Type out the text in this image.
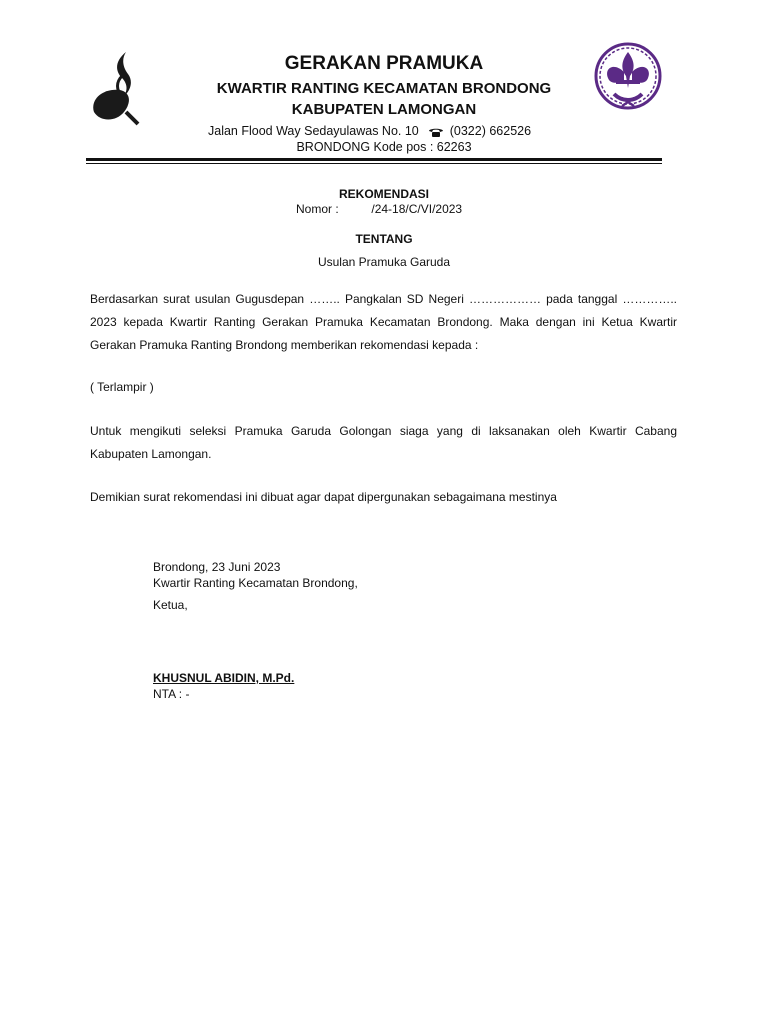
GERAKAN PRAMUKA
KWARTIR RANTING KECAMATAN BRONDONG
KABUPATEN LAMONGAN
Jalan Flood Way Sedayulawas No. 10 (0322) 662526
BRONDONG Kode pos : 62263
REKOMENDASI
Nomor :	/24-18/C/VI/2023
TENTANG
Usulan Pramuka Garuda
Berdasarkan surat usulan Gugusdepan …….. Pangkalan SD Negeri ……………… pada tanggal ………….. 2023 kepada Kwartir Ranting Gerakan Pramuka Kecamatan Brondong. Maka dengan ini Ketua Kwartir Gerakan Pramuka Ranting Brondong memberikan rekomendasi kepada :
( Terlampir )
Untuk mengikuti seleksi Pramuka Garuda Golongan siaga yang di laksanakan oleh Kwartir Cabang Kabupaten Lamongan.
Demikian surat rekomendasi ini dibuat agar dapat dipergunakan sebagaimana mestinya
Brondong, 23 Juni 2023
Kwartir Ranting Kecamatan Brondong,
Ketua,
KHUSNUL ABIDIN, M.Pd.
NTA : -
